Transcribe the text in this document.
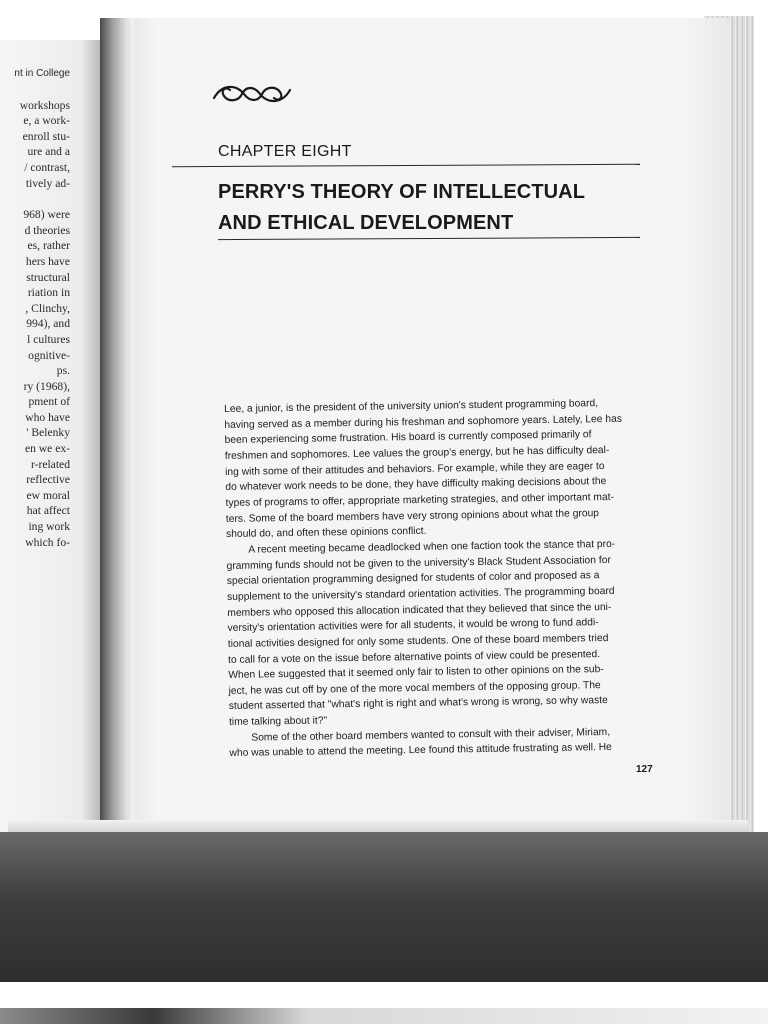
nt in College
workshops
e, a work-
enroll stu-
ure and a
/ contrast,
tively ad-
968) were
d theories
es, rather
hers have
structural
riation in
, Clinchy,
994), and
l cultures
ognitive-
ps.
ry (1968),
pment of
who have
' Belenky
en we ex-
r-related
reflective
ew moral
hat affect
ing work
which fo-
CHAPTER EIGHT
PERRY'S THEORY OF INTELLECTUAL
AND ETHICAL DEVELOPMENT
Lee, a junior, is the president of the university union's student programming board,
having served as a member during his freshman and sophomore years. Lately, Lee has
been experiencing some frustration. His board is currently composed primarily of
freshmen and sophomores. Lee values the group's energy, but he has difficulty deal-
ing with some of their attitudes and behaviors. For example, while they are eager to
do whatever work needs to be done, they have difficulty making decisions about the
types of programs to offer, appropriate marketing strategies, and other important mat-
ters. Some of the board members have very strong opinions about what the group
should do, and often these opinions conflict.
A recent meeting became deadlocked when one faction took the stance that pro-
gramming funds should not be given to the university's Black Student Association for
special orientation programming designed for students of color and proposed as a
supplement to the university's standard orientation activities. The programming board
members who opposed this allocation indicated that they believed that since the uni-
versity's orientation activities were for all students, it would be wrong to fund addi-
tional activities designed for only some students. One of these board members tried
to call for a vote on the issue before alternative points of view could be presented.
When Lee suggested that it seemed only fair to listen to other opinions on the sub-
ject, he was cut off by one of the more vocal members of the opposing group. The
student asserted that "what's right is right and what's wrong is wrong, so why waste
time talking about it?"
Some of the other board members wanted to consult with their adviser, Miriam,
who was unable to attend the meeting. Lee found this attitude frustrating as well. He
127
